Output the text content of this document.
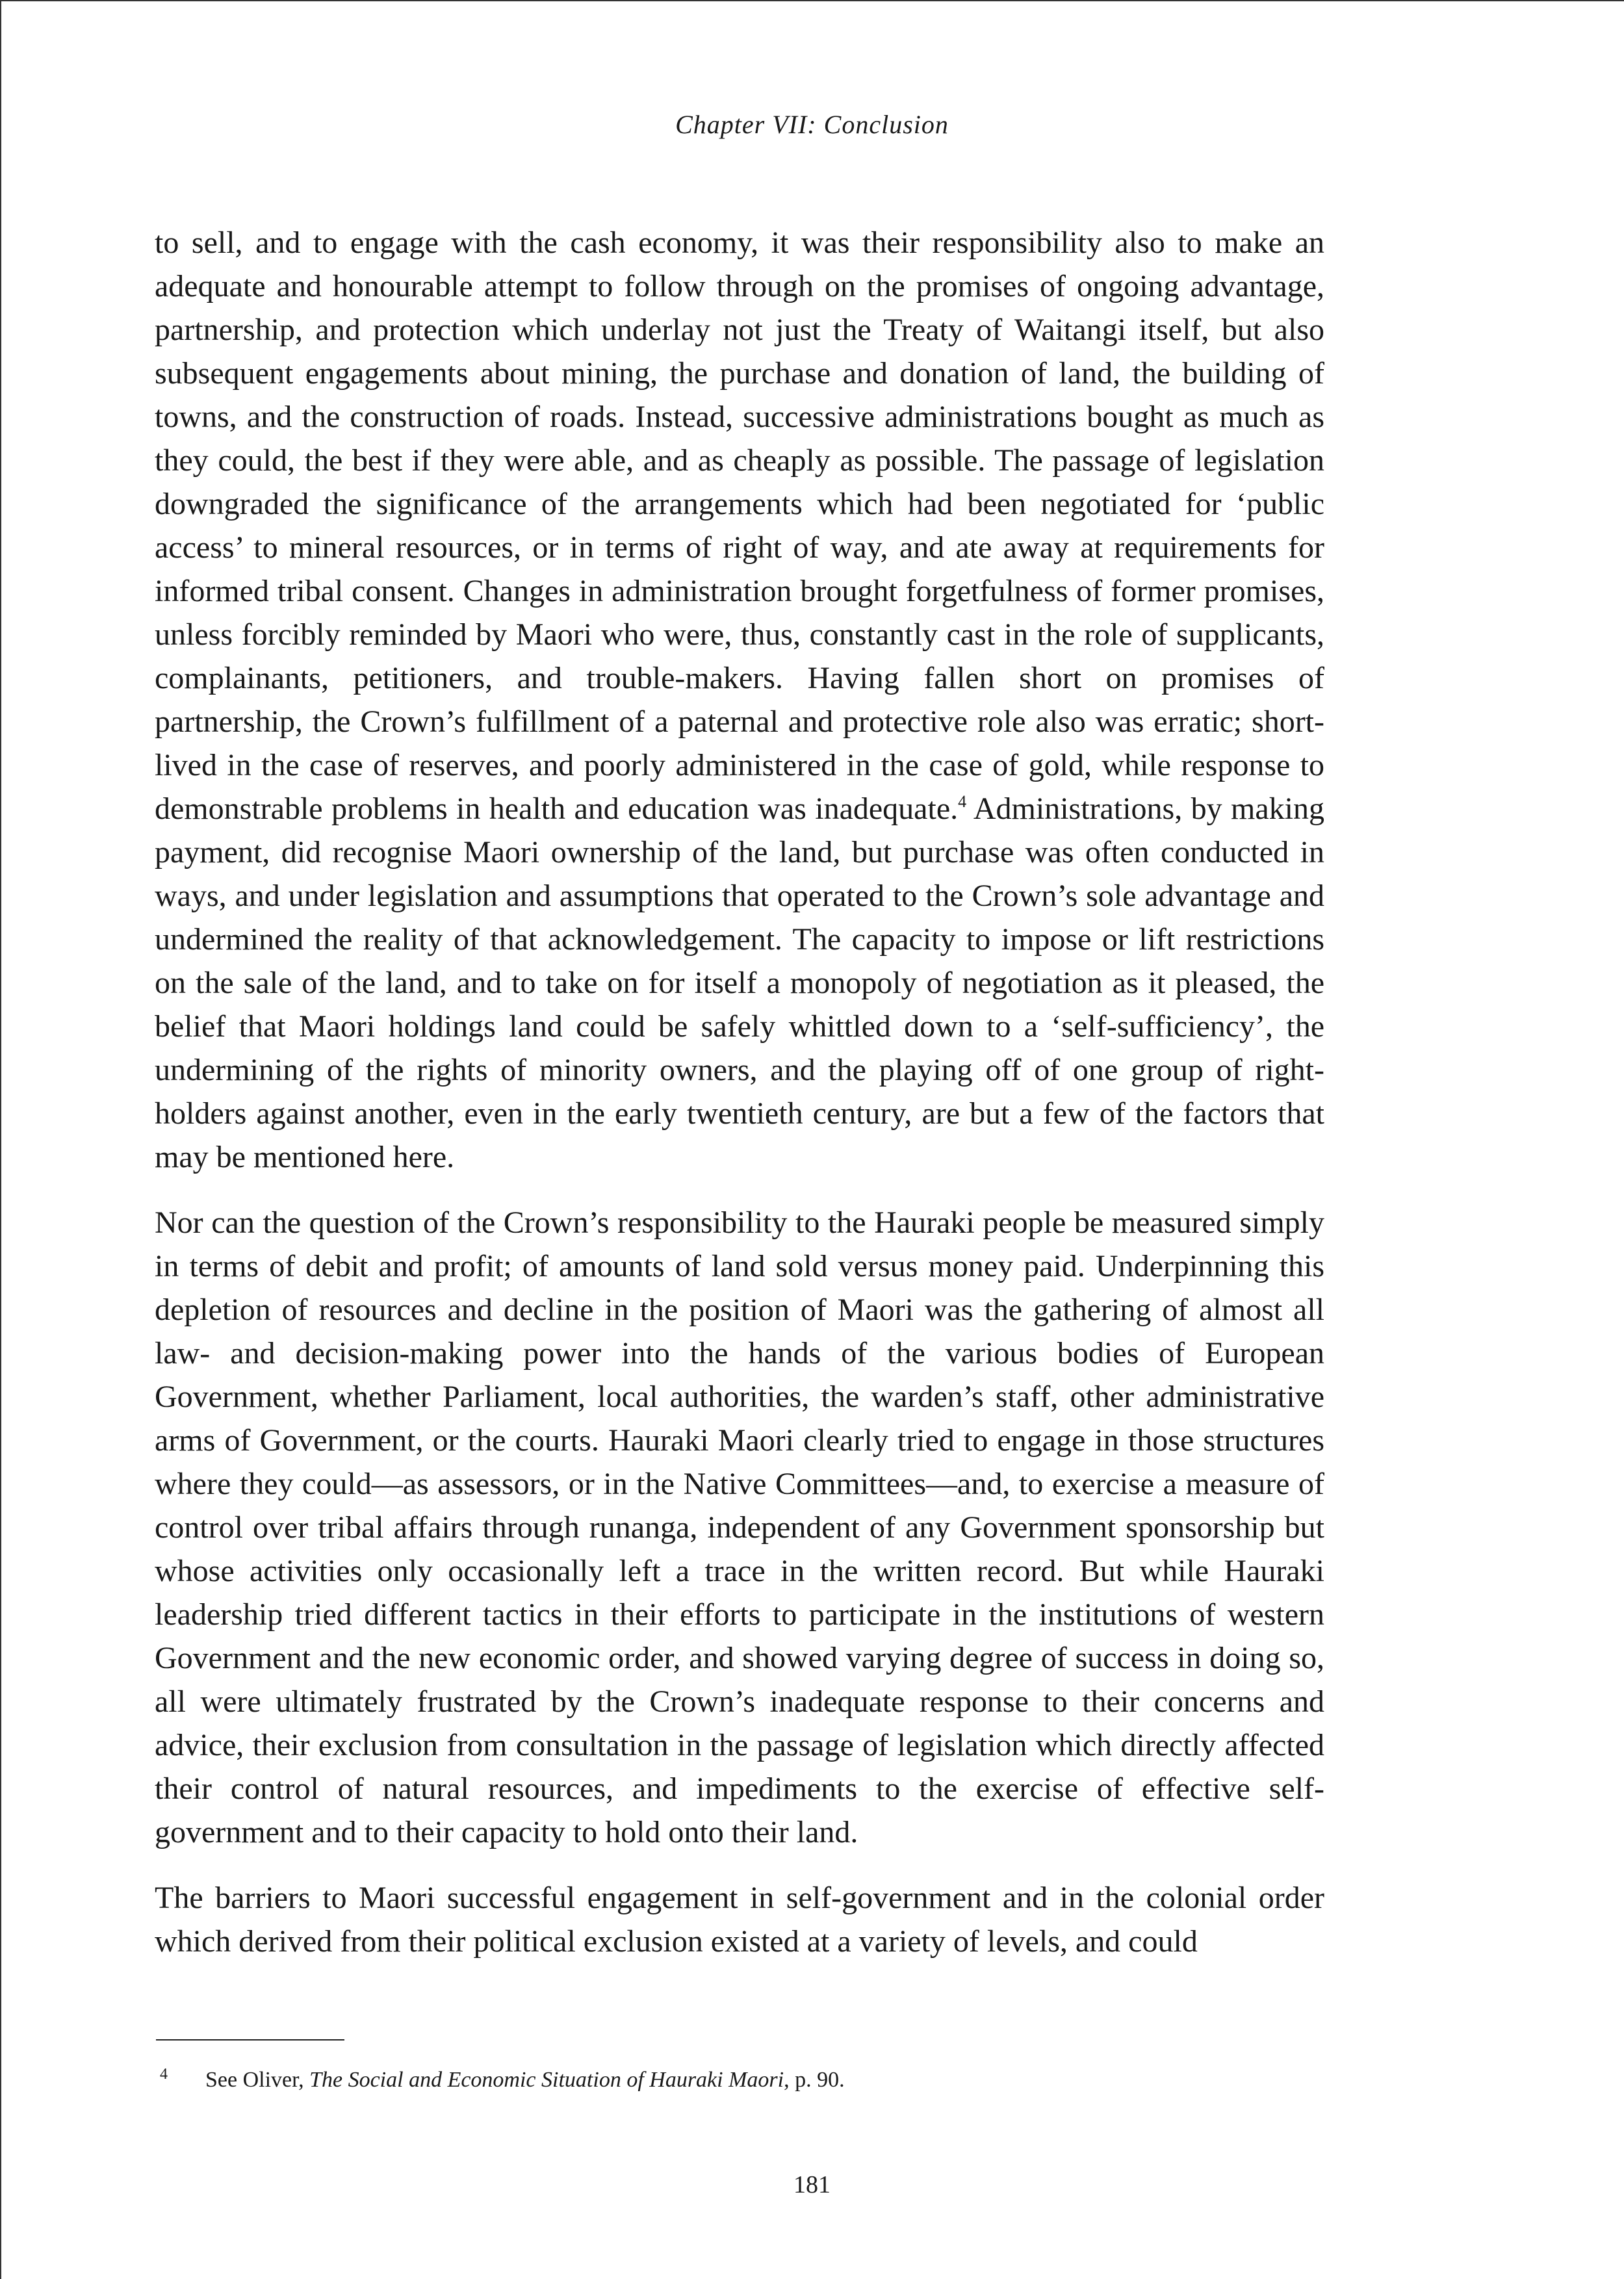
Chapter VII: Conclusion

to sell, and to engage with the cash economy, it was their responsibility also to make an adequate and honourable attempt to follow through on the promises of ongoing advantage, partnership, and protection which underlay not just the Treaty of Waitangi itself, but also subsequent engagements about mining, the purchase and donation of land, the building of towns, and the construction of roads. Instead, successive administrations bought as much as they could, the best if they were able, and as cheaply as possible. The passage of legislation downgraded the significance of the arrangements which had been negotiated for ‘public access’ to mineral resources, or in terms of right of way, and ate away at requirements for informed tribal consent. Changes in administration brought forgetfulness of former promises, unless forcibly reminded by Maori who were, thus, constantly cast in the role of supplicants, complainants, petitioners, and trouble-makers. Having fallen short on promises of partnership, the Crown’s fulfillment of a paternal and protective role also was erratic; short-lived in the case of reserves, and poorly administered in the case of gold, while response to demonstrable problems in health and education was inadequate.$^4$ Administrations, by making payment, did recognise Maori ownership of the land, but purchase was often conducted in ways, and under legislation and assumptions that operated to the Crown’s sole advantage and undermined the reality of that acknowledgement. The capacity to impose or lift restrictions on the sale of the land, and to take on for itself a monopoly of negotiation as it pleased, the belief that Maori holdings land could be safely whittled down to a ‘self-sufficiency’, the undermining of the rights of minority owners, and the playing off of one group of right-holders against another, even in the early twentieth century, are but a few of the factors that may be mentioned here.

Nor can the question of the Crown’s responsibility to the Hauraki people be measured simply in terms of debit and profit; of amounts of land sold versus money paid. Underpinning this depletion of resources and decline in the position of Maori was the gathering of almost all law- and decision-making power into the hands of the various bodies of European Government, whether Parliament, local authorities, the warden’s staff, other administrative arms of Government, or the courts. Hauraki Maori clearly tried to engage in those structures where they could—as assessors, or in the Native Committees—and, to exercise a measure of control over tribal affairs through runanga, independent of any Government sponsorship but whose activities only occasionally left a trace in the written record. But while Hauraki leadership tried different tactics in their efforts to participate in the institutions of western Government and the new economic order, and showed varying degree of success in doing so, all were ultimately frustrated by the Crown’s inadequate response to their concerns and advice, their exclusion from consultation in the passage of legislation which directly affected their control of natural resources, and impediments to the exercise of effective self-government and to their capacity to hold onto their land.

The barriers to Maori successful engagement in self-government and in the colonial order which derived from their political exclusion existed at a variety of levels, and could

4 See Oliver, The Social and Economic Situation of Hauraki Maori, p. 90.
181
